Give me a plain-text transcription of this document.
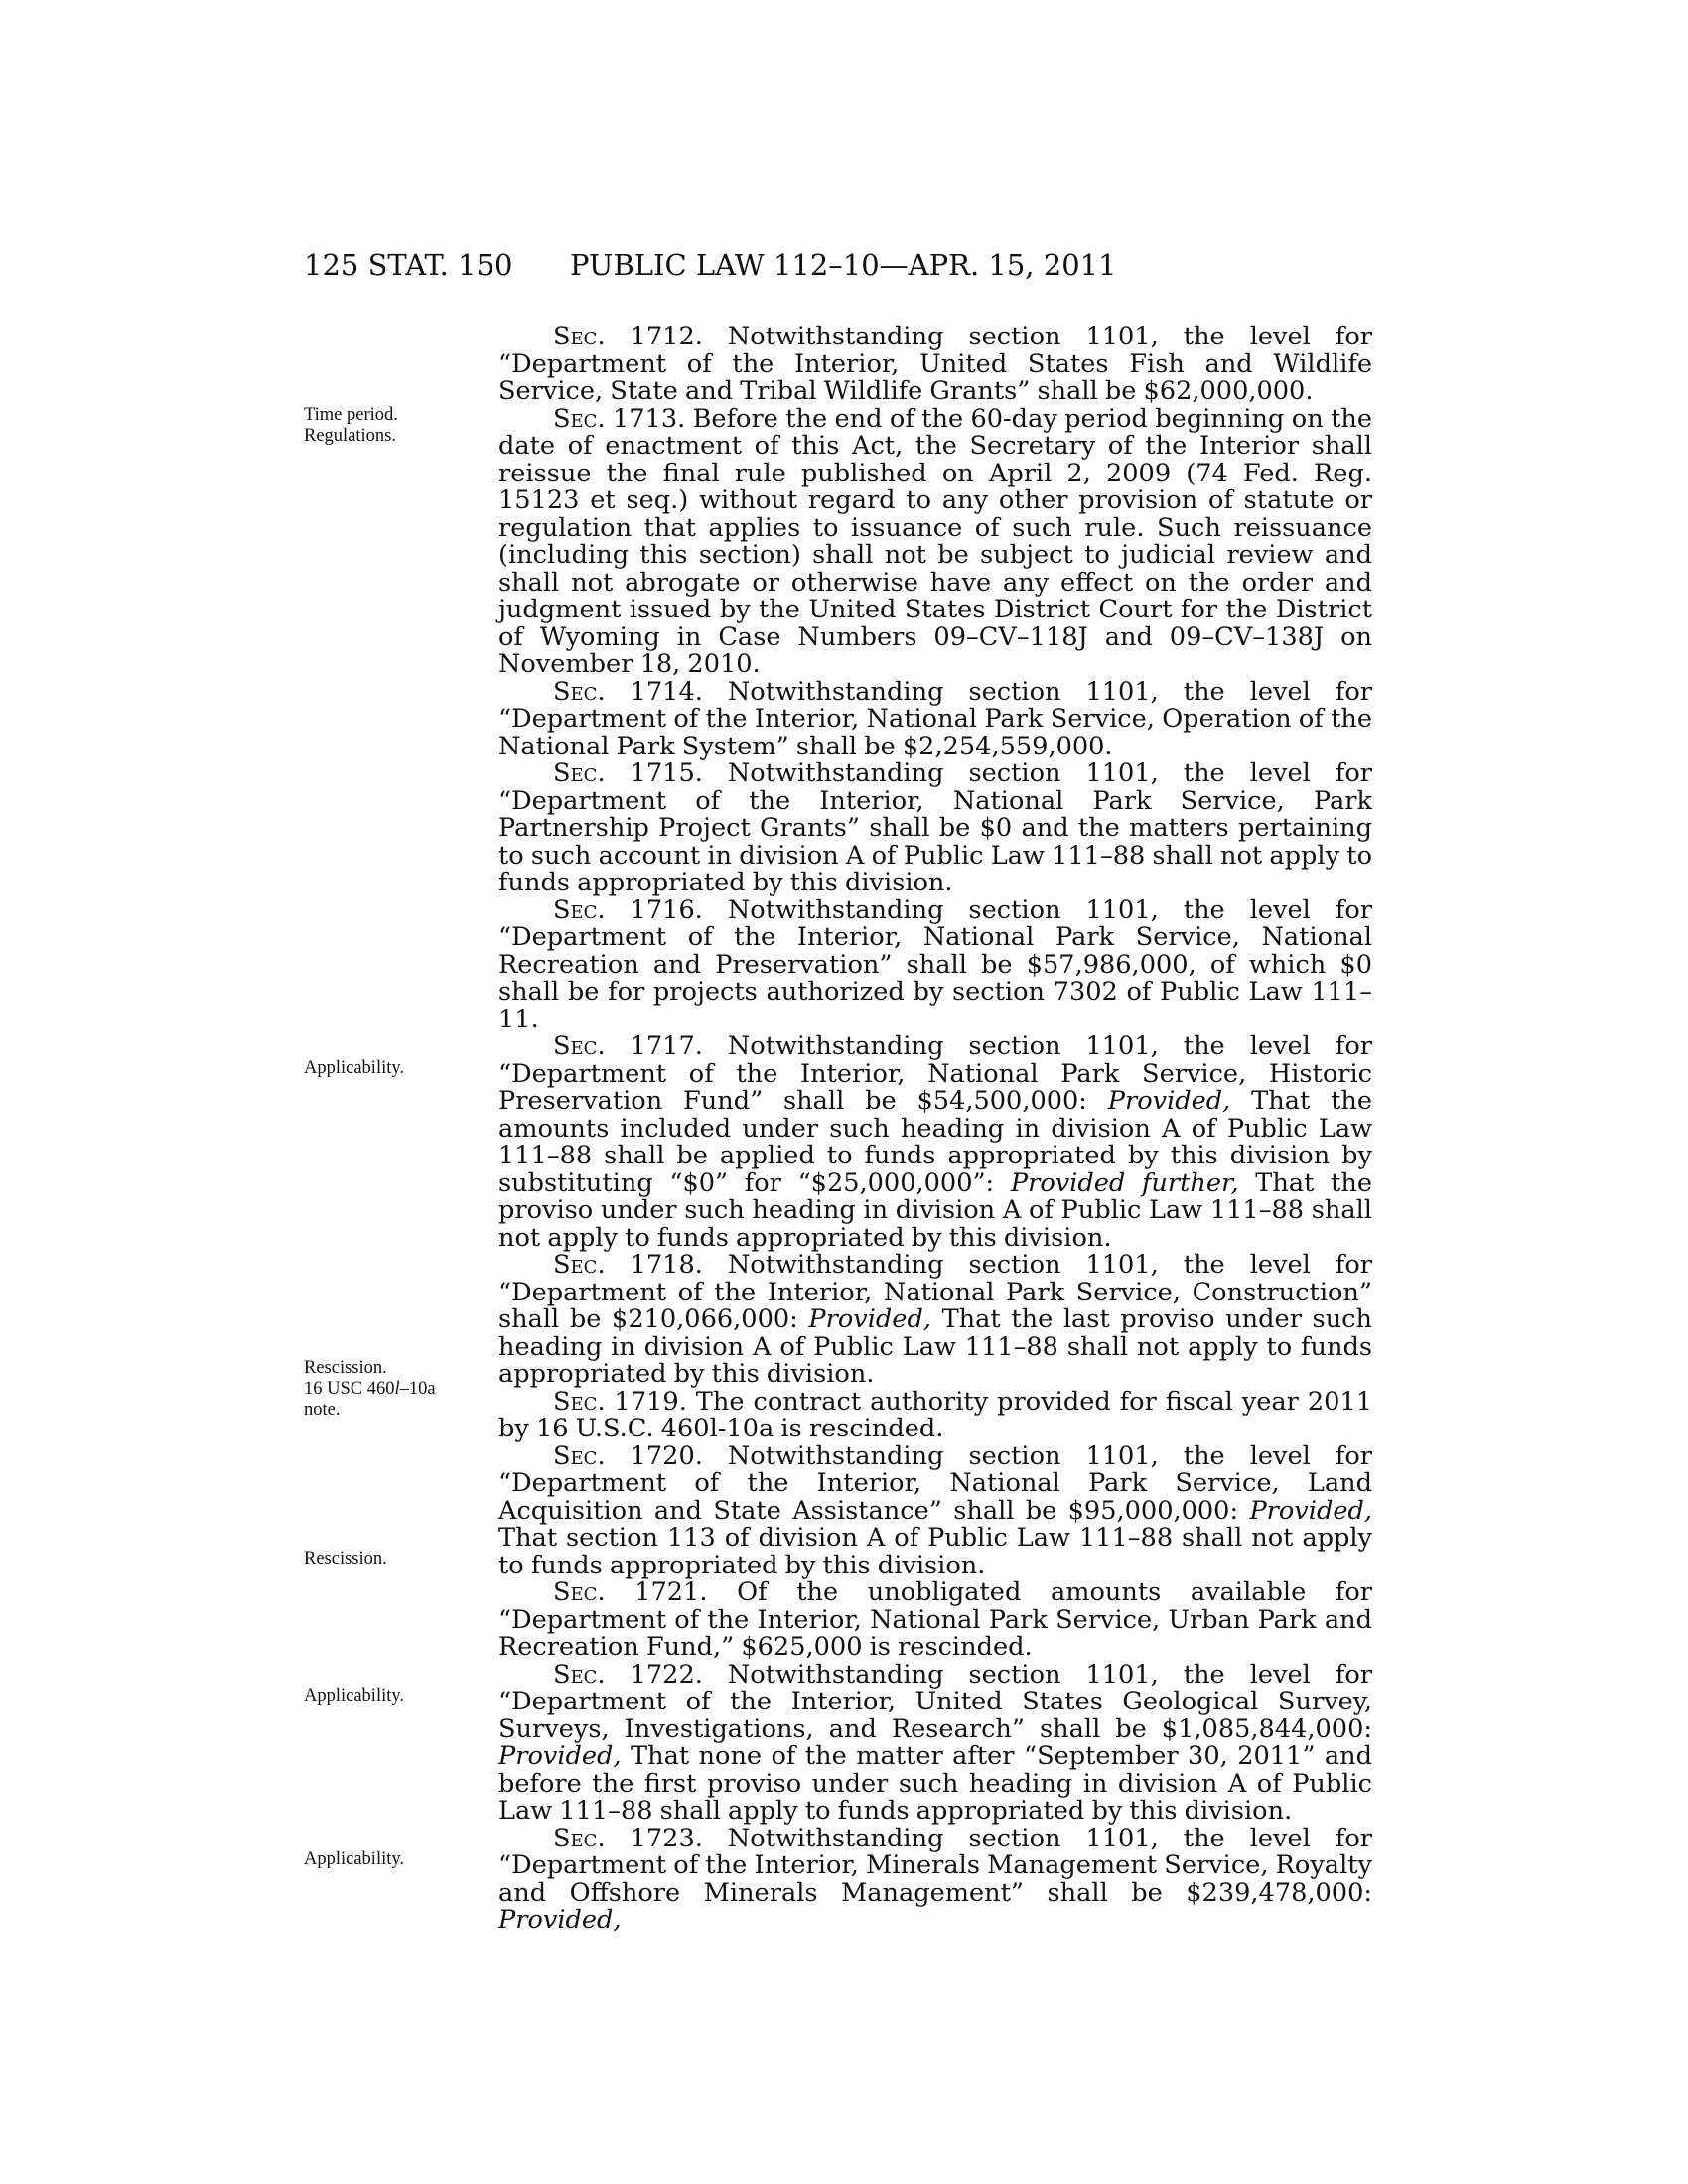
125 STAT. 150 PUBLIC LAW 112–10—APR. 15, 2011
Time period.
Regulations.
Applicability.
Rescission.
16 USC 460l–10a
note.
Rescission.
Applicability.
Applicability.

Sec. 1712. Notwithstanding section 1101, the level for “Department of the Interior, United States Fish and Wildlife Service, State and Tribal Wildlife Grants” shall be $62,000,000.

Sec. 1713. Before the end of the 60-day period beginning on the date of enactment of this Act, the Secretary of the Interior shall reissue the final rule published on April 2, 2009 (74 Fed. Reg. 15123 et seq.) without regard to any other provision of statute or regulation that applies to issuance of such rule. Such reissuance (including this section) shall not be subject to judicial review and shall not abrogate or otherwise have any effect on the order and judgment issued by the United States District Court for the District of Wyoming in Case Numbers 09–CV–118J and 09–CV–138J on November 18, 2010.

Sec. 1714. Notwithstanding section 1101, the level for “Department of the Interior, National Park Service, Operation of the National Park System” shall be $2,254,559,000.

Sec. 1715. Notwithstanding section 1101, the level for “Department of the Interior, National Park Service, Park Partnership Project Grants” shall be $0 and the matters pertaining to such account in division A of Public Law 111–88 shall not apply to funds appropriated by this division.

Sec. 1716. Notwithstanding section 1101, the level for “Department of the Interior, National Park Service, National Recreation and Preservation” shall be $57,986,000, of which $0 shall be for projects authorized by section 7302 of Public Law 111–11.

Sec. 1717. Notwithstanding section 1101, the level for “Department of the Interior, National Park Service, Historic Preservation Fund” shall be $54,500,000: Provided, That the amounts included under such heading in division A of Public Law 111–88 shall be applied to funds appropriated by this division by substituting “$0” for “$25,000,000”: Provided further, That the proviso under such heading in division A of Public Law 111–88 shall not apply to funds appropriated by this division.

Sec. 1718. Notwithstanding section 1101, the level for “Department of the Interior, National Park Service, Construction” shall be $210,066,000: Provided, That the last proviso under such heading in division A of Public Law 111–88 shall not apply to funds appropriated by this division.

Sec. 1719. The contract authority provided for fiscal year 2011 by 16 U.S.C. 460l-10a is rescinded.

Sec. 1720. Notwithstanding section 1101, the level for “Department of the Interior, National Park Service, Land Acquisition and State Assistance” shall be $95,000,000: Provided, That section 113 of division A of Public Law 111–88 shall not apply to funds appropriated by this division.

Sec. 1721. Of the unobligated amounts available for “Department of the Interior, National Park Service, Urban Park and Recreation Fund,” $625,000 is rescinded.

Sec. 1722. Notwithstanding section 1101, the level for “Department of the Interior, United States Geological Survey, Surveys, Investigations, and Research” shall be $1,085,844,000: Provided, That none of the matter after “September 30, 2011” and before the first proviso under such heading in division A of Public Law 111–88 shall apply to funds appropriated by this division.

Sec. 1723. Notwithstanding section 1101, the level for “Department of the Interior, Minerals Management Service, Royalty and Offshore Minerals Management” shall be $239,478,000: Provided,
